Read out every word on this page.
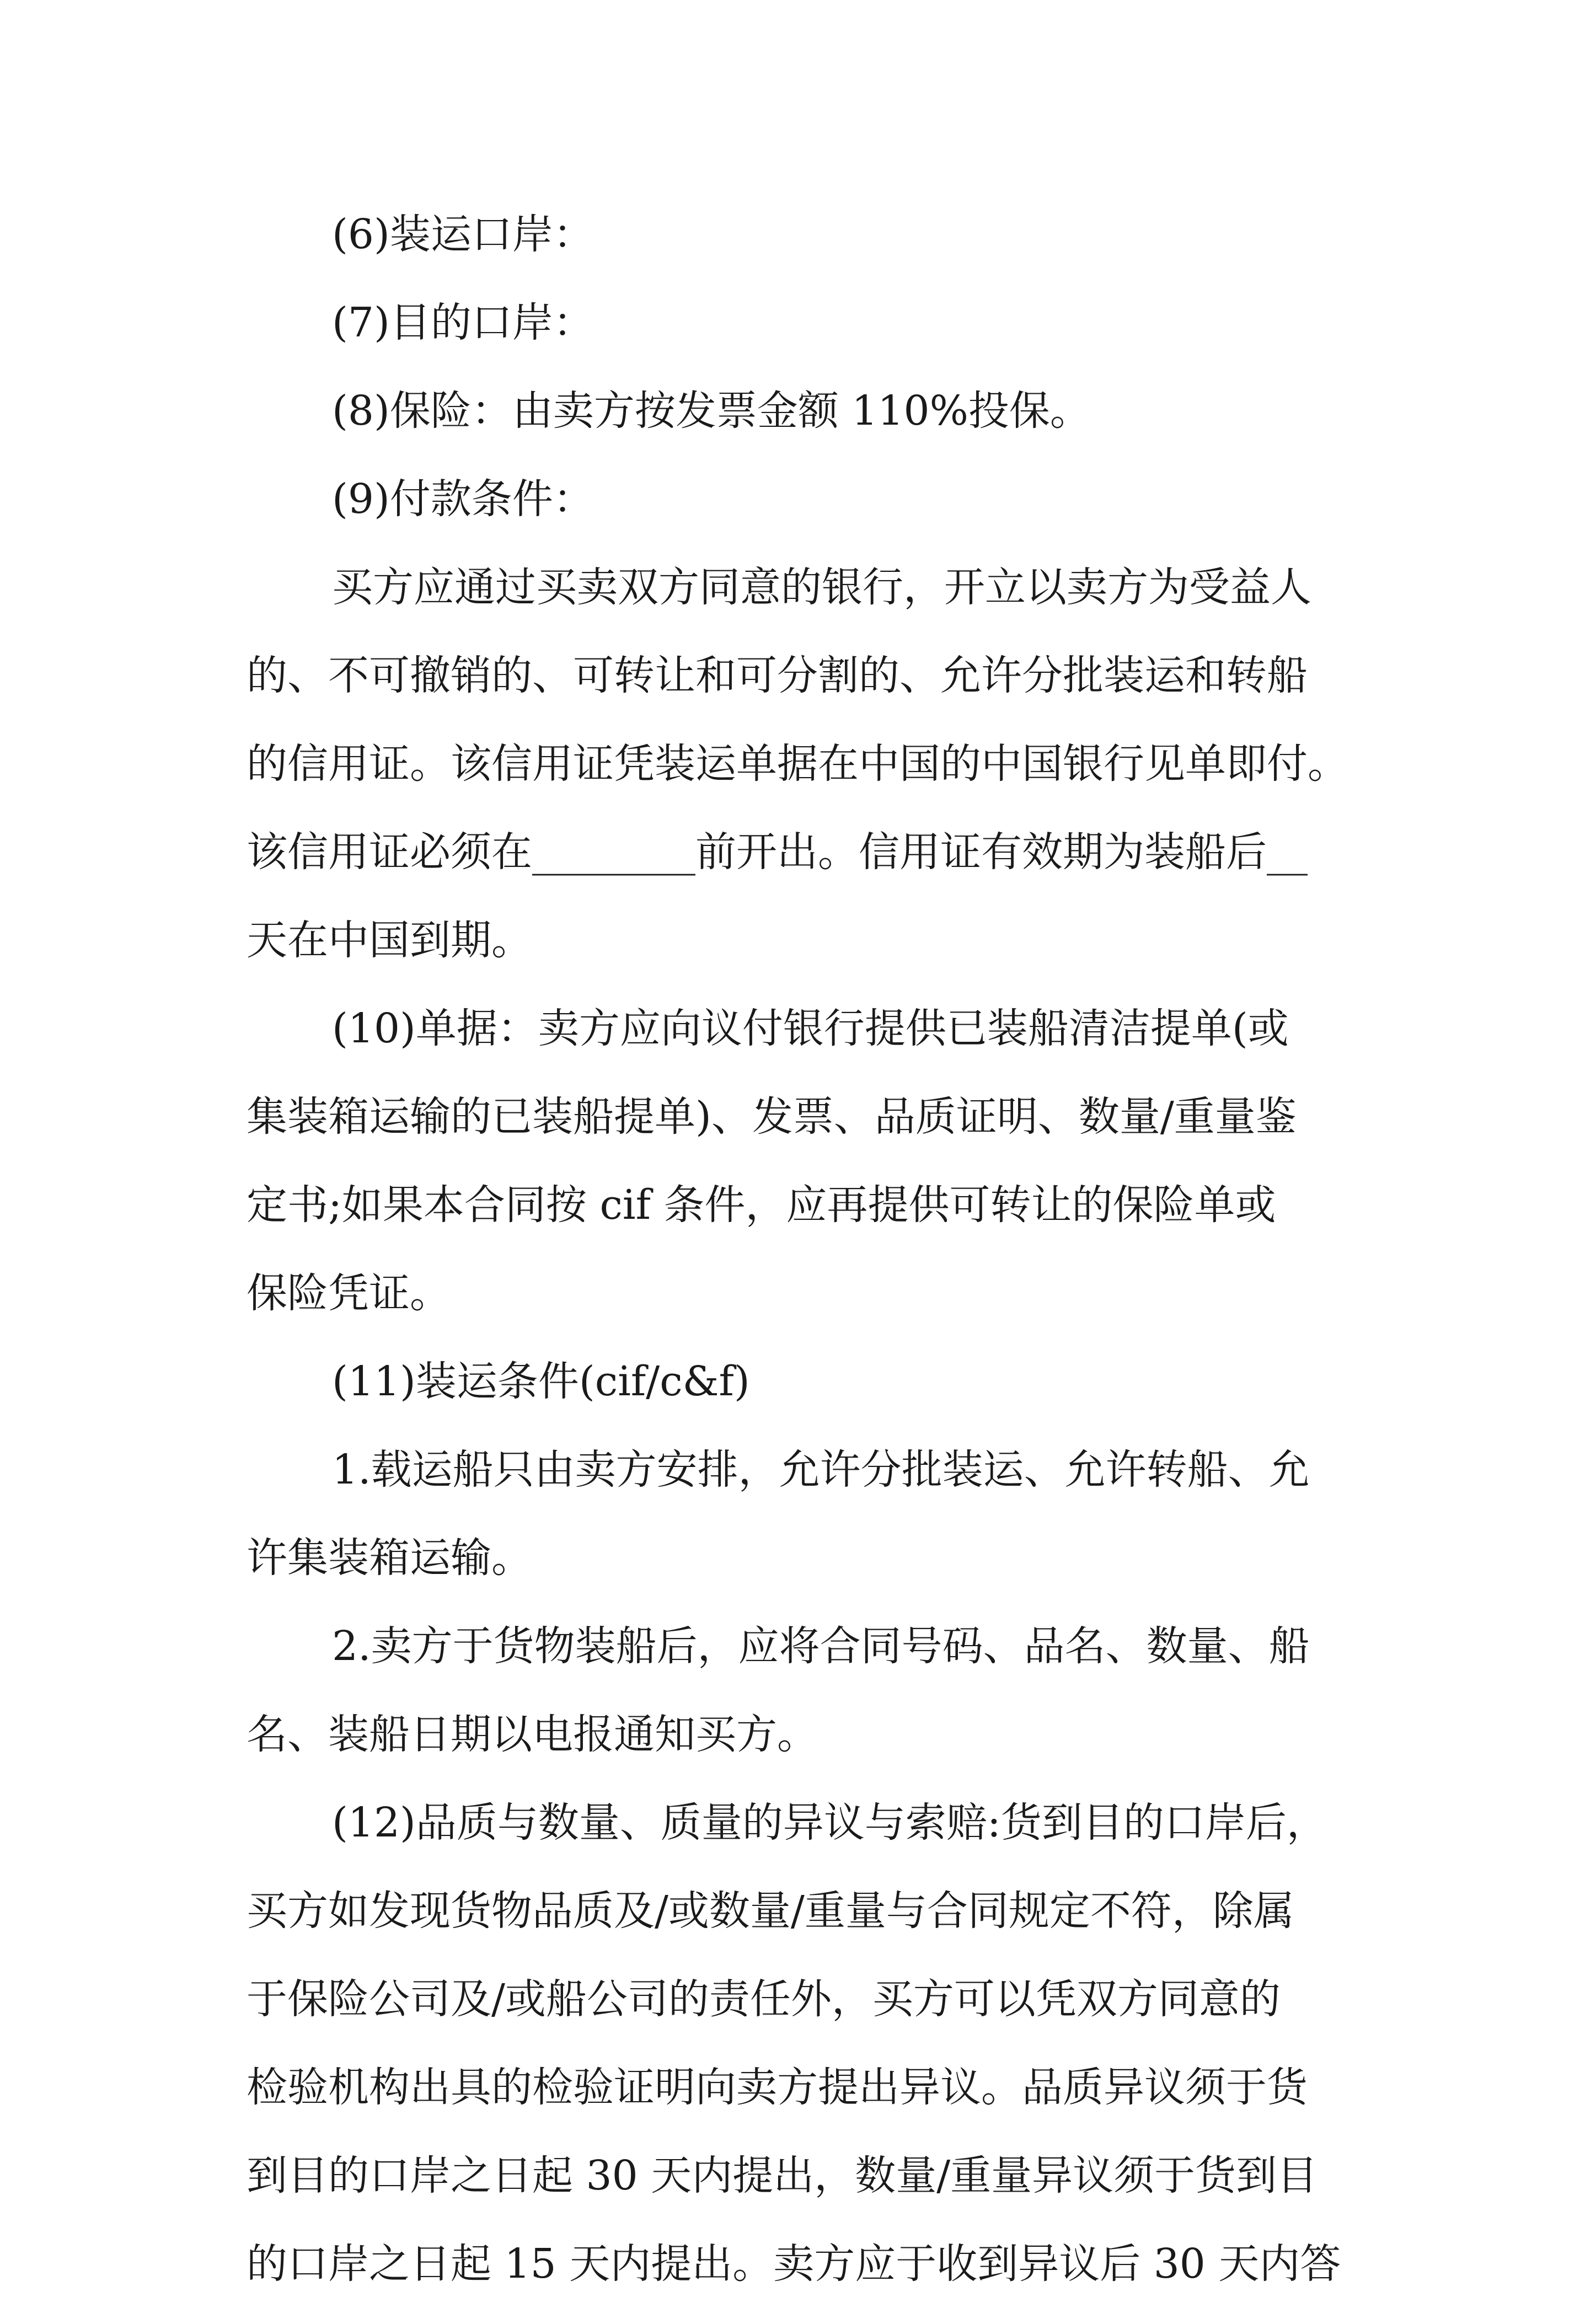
(6)装运口岸：

(7)目的口岸：

(8)保险：由卖方按发票金额 110%投保。

(9)付款条件：

买方应通过买卖双方同意的银行，开立以卖方为受益人

的、不可撤销的、可转让和可分割的、允许分批装运和转船

的信用证。该信用证凭装运单据在中国的中国银行见单即付。

该信用证必须在________前开出。信用证有效期为装船后__

天在中国到期。

(10)单据：卖方应向议付银行提供已装船清洁提单(或

集装箱运输的已装船提单)、发票、品质证明、数量/重量鉴

定书;如果本合同按 cif 条件，应再提供可转让的保险单或

保险凭证。

(11)装运条件(cif/c&f)

1.载运船只由卖方安排，允许分批装运、允许转船、允

许集装箱运输。

2.卖方于货物装船后，应将合同号码、品名、数量、船

名、装船日期以电报通知买方。

(12)品质与数量、质量的异议与索赔:货到目的口岸后，

买方如发现货物品质及/或数量/重量与合同规定不符，除属

于保险公司及/或船公司的责任外，买方可以凭双方同意的

检验机构出具的检验证明向卖方提出异议。品质异议须于货

到目的口岸之日起 30 天内提出，数量/重量异议须于货到目

的口岸之日起 15 天内提出。卖方应于收到异议后 30 天内答
